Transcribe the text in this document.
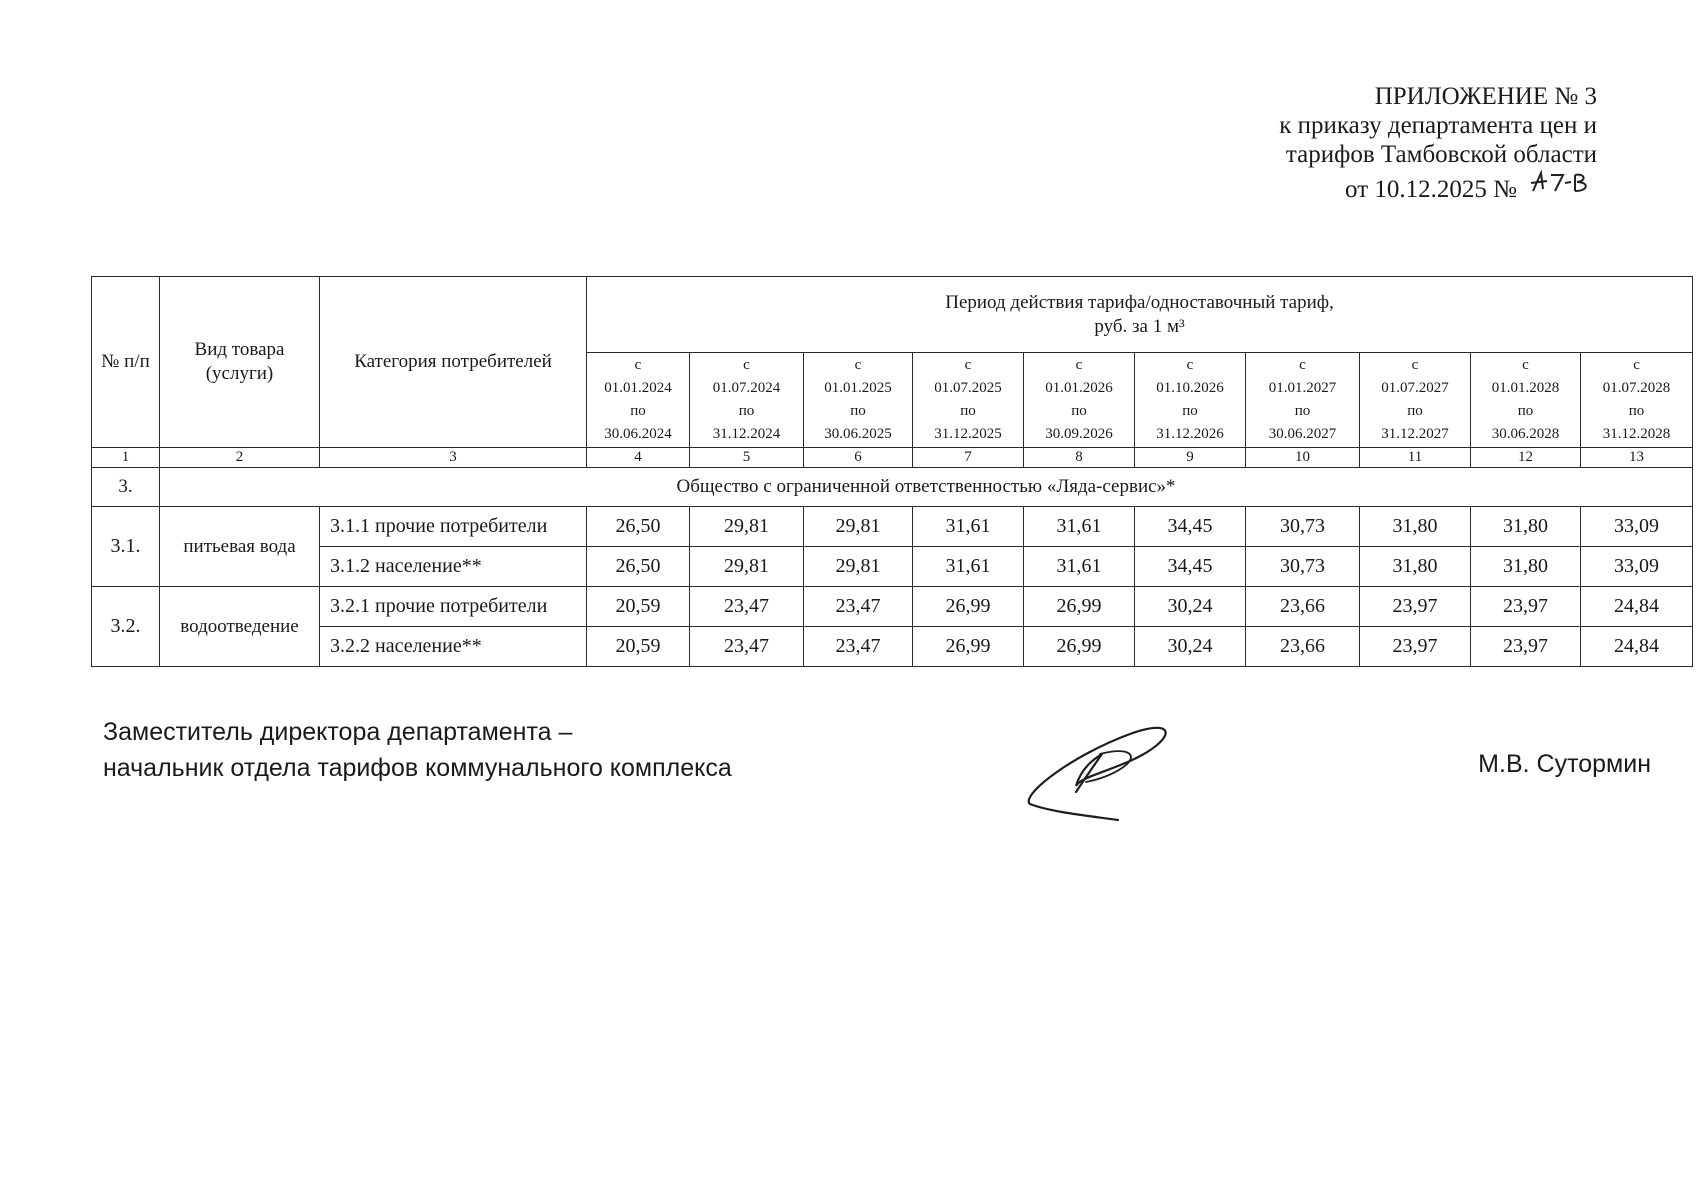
ПРИЛОЖЕНИЕ № 3
к приказу департамента цен и
тарифов Тамбовской области
от 10.12.2025 №
№ п/п	Вид товара (услуги)	Категория потребителей	Период действия тарифа/одноставочный тариф,
руб. за 1 м³									

			с
01.01.2024
по
30.06.2024	с
01.07.2024
по
31.12.2024	с
01.01.2025
по
30.06.2025	с
01.07.2025
по
31.12.2025	с
01.01.2026
по
30.09.2026	с
01.10.2026
по
31.12.2026	с
01.01.2027
по
30.06.2027	с
01.07.2027
по
31.12.2027	с
01.01.2028
по
30.06.2028	с
01.07.2028
по
31.12.2028

1	2	3	4	5	6	7	8	9	10	11	12	13
3.	Общество с ограниченной ответственностью «Ляда-сервис»*											
3.1.	питьевая вода	3.1.1 прочие потребители	26,50	29,81	29,81	31,61	31,61	34,45	30,73	31,80	31,80	33,09
		3.1.2 население**	26,50	29,81	29,81	31,61	31,61	34,45	30,73	31,80	31,80	33,09
3.2.	водоотведение	3.2.1 прочие потребители	20,59	23,47	23,47	26,99	26,99	30,24	23,66	23,97	23,97	24,84
		3.2.2 население**	20,59	23,47	23,47	26,99	26,99	30,24	23,66	23,97	23,97	24,84
Заместитель директора департамента –
начальник отдела тарифов коммунального комплекса	М.В. Сутормин
